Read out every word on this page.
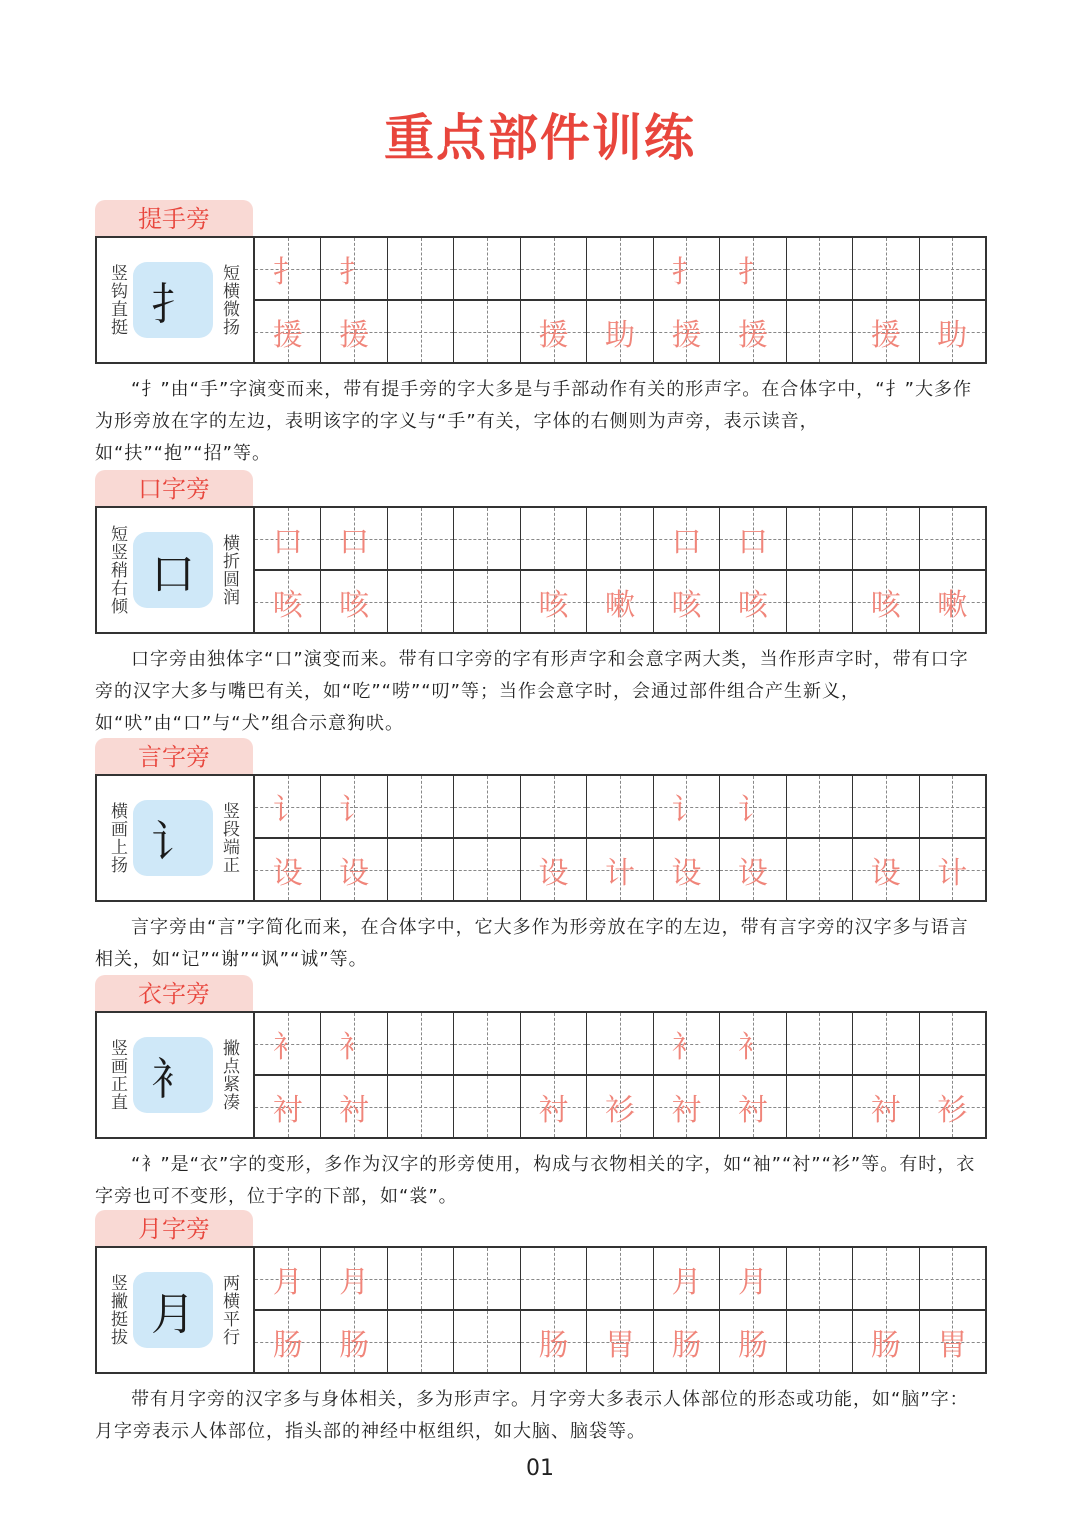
重点部件训练
提手旁
竖钩直挺 扌	短横微扬 扌 扌	扌 扌
援 援	援 助 援 援	援 助
“扌”由“手”字演变而来，带有提手旁的字大多是与手部动作有关的形声字。在合体字中，“扌”大多作为形旁放在字的左边，表明该字的字义与“手”有关，字体的右侧则为声旁，表示读音，如“扶”“抱”“招”等。
口字旁
短竖稍右倾 口	横折圆润 口 口	口 口
咳 咳	咳 嗽 咳 咳	咳 嗽
口字旁由独体字“口”演变而来。带有口字旁的字有形声字和会意字两大类，当作形声字时，带有口字旁的汉字大多与嘴巴有关，如“吃”“唠”“叨”等；当作会意字时，会通过部件组合产生新义，如“吠”由“口”与“犬”组合示意狗吠。
言字旁
横画上扬 讠	竖段端正 讠 讠	讠 讠
设 设	设 计 设 设	设 计
言字旁由“言”字简化而来，在合体字中，它大多作为形旁放在字的左边，带有言字旁的汉字多与语言相关，如“记”“谢”“讽”“诚”等。
衣字旁
竖画正直 衤	撇点紧凑 衤 衤	衤 衤
衬 衬	衬 衫 衬 衬	衬 衫
“衤”是“衣”字的变形，多作为汉字的形旁使用，构成与衣物相关的字，如“袖”“衬”“衫”等。有时，衣字旁也可不变形，位于字的下部，如“裳”。
月字旁
竖撇挺拔 月	两横平行 月 月	月 月
肠 肠	肠 胃 肠 肠	肠 胃
带有月字旁的汉字多与身体相关，多为形声字。月字旁大多表示人体部位的形态或功能，如“脑”字：月字旁表示人体部位，指头部的神经中枢组织，如大脑、脑袋等。
01
